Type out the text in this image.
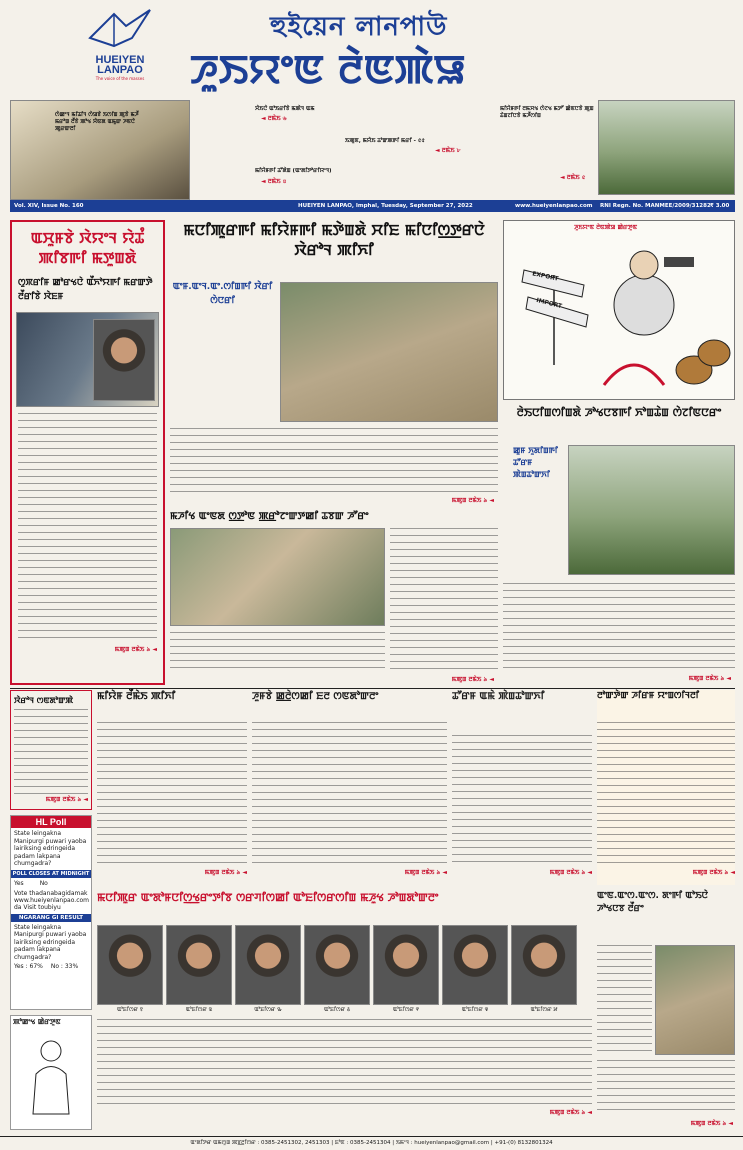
HUEIYEN
LANPAO
The voice of the masses
হুইয়েন লানপাউ
ꯍꯨꯏꯌꯦꯟ ꯂꯥꯟꯄꯥꯎ
ꯁꯥꯀꯦꯜ ꯃꯤꯊꯤꯜ ꯁꯥꯎꯕꯥ ꯏꯁꯤꯡ ꯄꯨꯕꯥ ꯃꯍꯩ ꯃꯔꯣꯡ ꯂꯩꯕꯥ ꯄꯣꯠ ꯆꯥꯟꯗ ꯑꯃꯨꯛ ꯍꯟꯅꯥ ꯄꯨꯔꯛꯂꯤ
ꯆꯥꯏꯅꯥ ꯑꯣꯏꯔꯤꯕꯥ ꯃꯄꯥꯜ ꯑꯃ
◄ ꯂꯃꯥꯏ ৬
ꯏꯄꯨꯟ, ꯃꯌꯥꯏ ꯊꯣꯛꯄꯒꯤ ꯃꯔꯤ - ৫৫
◄ ꯂꯃꯥꯏ ৮
ꯃꯤꯌꯥꯝꯒꯤ ꯊꯧꯗꯥꯡ (ꯑꯦꯗꯤꯇꯣꯔꯤꯌꯦꯜ)
◄ ꯂꯃꯥꯏ ৪
ꯃꯤꯌꯥꯝꯒꯤ ꯂꯃꯆꯠ ꯁꯥꯖꯠ ꯃꯇꯧ ꯀꯥꯟꯅꯕꯥ ꯄꯨꯡ ꯊꯥꯡꯖꯤꯅꯕꯥ ꯃꯍꯩꯁꯤꯡ
◄ ꯂꯃꯥꯏ ৫
Vol. XIV, Issue No. 160	HUEIYEN LANPAO, Imphal, Tuesday, September 27, 2022	www.hueiyenlanpao.com RNI Regn. No. MANMEE/2009/31282 ₹ 3.00
ꯑꯆꯨꯝꯕꯥ ꯋꯥꯌꯦꯜ ꯌꯥꯊꯪ ꯄꯤꯕꯒꯤ ꯃꯇꯨꯡꯗꯥ
ꯁꯨꯞꯔꯤꯝ ꯀꯣꯔꯠꯅꯥ ꯑꯩꯈꯣꯌꯒꯤ ꯃꯔꯛꯇꯥ ꯂꯩꯔꯤꯕꯥ ꯋꯥꯐꯝ
ꯃꯄꯨꯡ ꯂꯃꯥꯏ ৯ ◄
ꯃꯅꯤꯄꯨꯔꯒꯤ ꯃꯤꯌꯥꯝꯒꯤ ꯃꯇꯥꯡꯗꯥ ꯆꯤꯐ ꯃꯤꯅꯤꯁ꯭ꯇꯔꯅꯥ ꯋꯥꯔꯣꯜ ꯄꯤꯈꯤ
ꯑꯦꯝ.ꯑꯦꯜ.ꯑꯦ.ꯁꯤꯡꯒꯤ ꯋꯥꯔꯤ ꯁꯥꯅꯔꯤ
ꯃꯄꯨꯡ ꯂꯃꯥꯏ ৯ ◄
ꯍꯨꯏꯌꯦꯟ ꯂꯥꯟꯄꯥꯎ ꯀꯥꯔꯇꯨꯟ
EXPORT
IMPORT
ꯂꯥꯏꯅꯤꯡꯁꯤꯡꯗꯥ ꯍꯣꯠꯅꯕꯒꯤ ꯈꯣꯡꯊꯥꯡ ꯁꯥꯖꯤꯟꯅꯔꯦ
ꯀꯨꯝ ꯈꯨꯗꯤꯡꯒꯤ ꯊꯧꯔꯝ ꯄꯥꯡꯊꯣꯛꯈꯤ
ꯃꯄꯨꯡ ꯂꯃꯥꯏ ৯ ◄
ꯃꯍꯤꯠ ꯑꯦꯟꯗ ꯁ꯭ꯇꯣꯟ ꯄ꯭ꯔꯣꯖꯦꯛꯇꯀꯤ ꯊꯕꯛ ꯍꯧꯔꯦ
ꯃꯄꯨꯡ ꯂꯃꯥꯏ ৯ ◄
ꯋꯥꯔꯣꯜ ꯁꯟꯗꯣꯛꯄꯥ
ꯃꯄꯨꯡ ꯂꯃꯥꯏ ৯ ◄
HL Poll
State leingakna Manipurgi puwari yaoba lairiksing edringeida padam lakpana chumgadra?
POLL CLOSES AT MIDNIGHT
Yes	No
Vote thadanabagidamak www.hueiyenlanpao.com da Visit toubiyu
NGARANG GI RESULT
State leingakna Manipurgi puwari yaoba lairiksing edringeida padam lakpana chumgadra?
Yes : 67% No : 33%
ꯄꯣꯀꯦꯠ ꯀꯥꯔꯇꯨꯟ
ꯃꯤꯌꯥꯝ ꯂꯩꯃꯥꯏ ꯄꯤꯈꯤ
ꯃꯄꯨꯡ ꯂꯃꯥꯏ ৯ ◄
ꯍꯨꯝꯕꯥ ꯀ꯭ꯂꯥꯁꯀꯤ ꯐꯂ ꯁꯟꯗꯣꯛꯂꯦ
ꯃꯄꯨꯡ ꯂꯃꯥꯏ ৯ ◄
ꯊꯧꯔꯝ ꯑꯃꯥ ꯄꯥꯡꯊꯣꯛꯈꯤ
ꯃꯄꯨꯡ ꯂꯃꯥꯏ ৯ ◄
ꯂꯣꯛꯇꯥꯛ ꯍꯤꯔꯝ ꯌꯦꯡꯁꯤꯜꯂꯤ
ꯃꯄꯨꯡ ꯂꯃꯥꯏ ৯ ◄
ꯃꯅꯤꯄꯨꯔ ꯑꯦꯗꯣꯝꯅꯤꯁ꯭ꯠꯔꯦꯇꯤꯕ ꯁꯔꯚꯤꯁꯀꯤ ꯑꯣꯐꯤꯁꯔꯁꯤꯡ ꯃꯍꯨꯠ ꯍꯣꯡꯗꯣꯛꯂꯦ
ꯑꯣꯐꯤꯁꯔ ꯱	ꯑꯣꯐꯤꯁꯔ ꯲	ꯑꯣꯐꯤꯁꯔ ꯳	ꯑꯣꯐꯤꯁꯔ ꯴	ꯑꯣꯐꯤꯁꯔ ꯵	ꯑꯣꯐꯤꯁꯔ ꯶	ꯑꯣꯐꯤꯁꯔ ꯷
ꯃꯄꯨꯡ ꯂꯃꯥꯏ ৯ ◄
ꯑꯦꯟ.ꯑꯦꯁ.ꯑꯦꯁ. ꯗꯦꯒꯤ ꯑꯣꯏꯅꯥ ꯍꯣꯠꯅꯕ ꯂꯩꯔꯦ
ꯃꯄꯨꯡ ꯂꯃꯥꯏ ৯ ◄
ꯑꯦꯗꯤꯇꯔ ꯑꯃꯁꯨꯡ ꯄꯕ꯭ꯂꯤꯁꯔ : 0385-2451302, 2451303 | ꯐꯣꯟ : 0385-2451304 | ꯏꯃꯦꯜ : hueiyenlanpao@gmail.com | +91-(0) 8132801324
